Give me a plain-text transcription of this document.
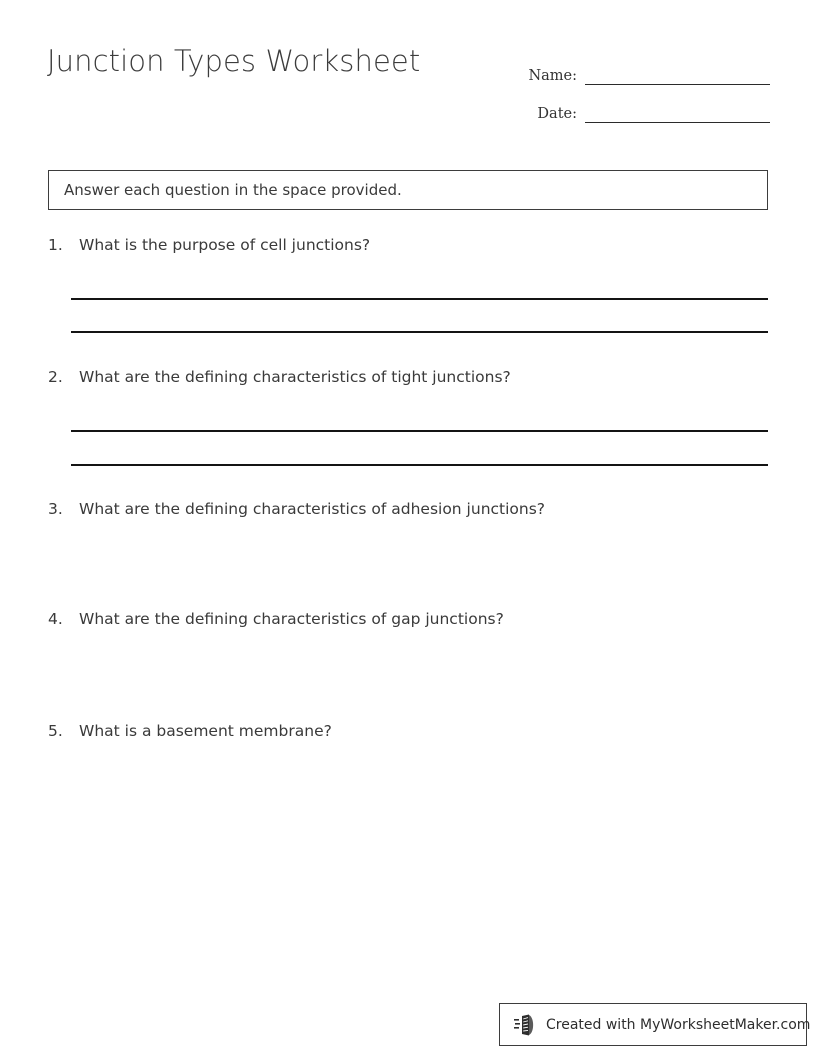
Junction Types Worksheet	Name:
Date:
Answer each question in the space provided.
1.	What is the purpose of cell junctions?
2.	What are the defining characteristics of tight junctions?
3.	What are the defining characteristics of adhesion junctions?
4.	What are the defining characteristics of gap junctions?
5.	What is a basement membrane?
Created with MyWorksheetMaker.com
